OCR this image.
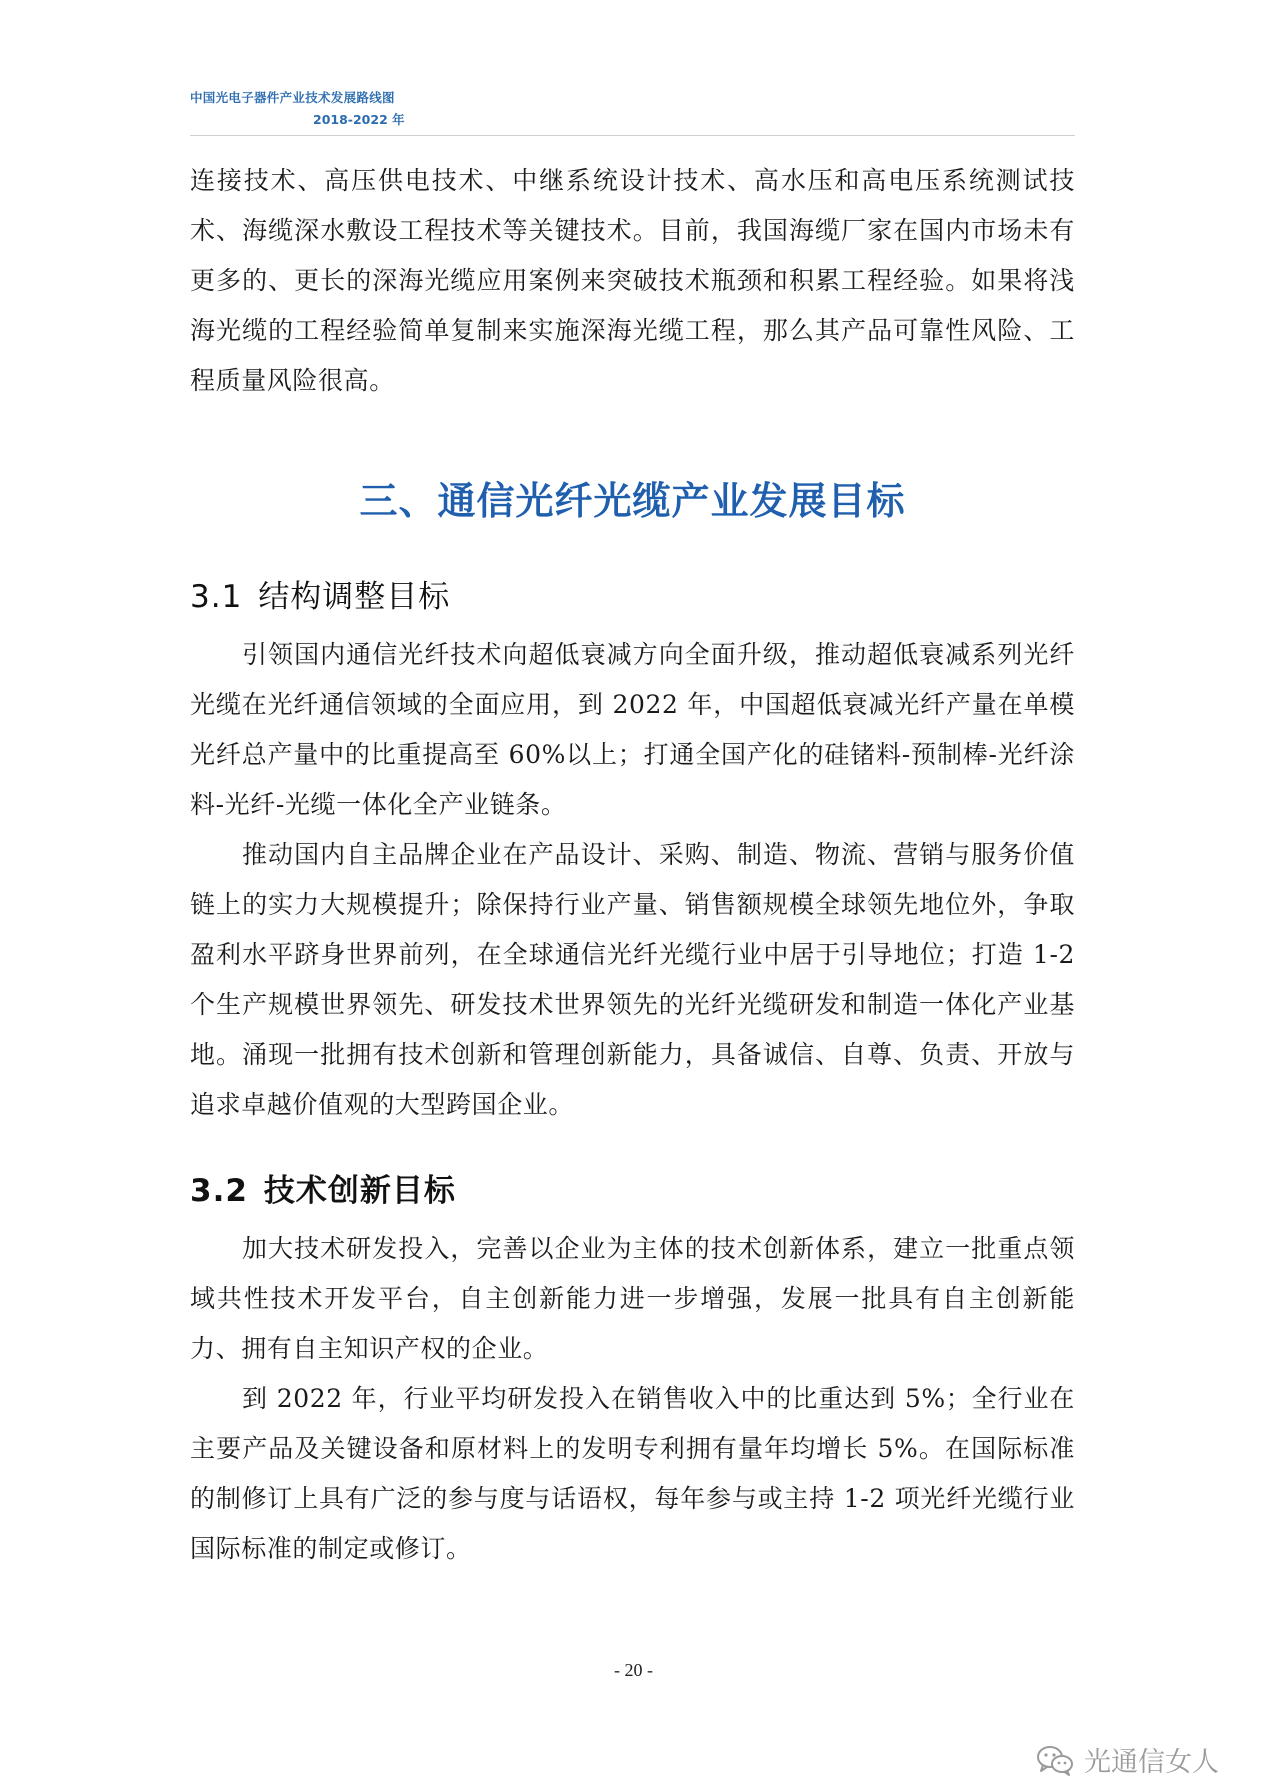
中国光电子器件产业技术发展路线图
2018-2022 年

连接技术、高压供电技术、中继系统设计技术、高水压和高电压系统测试技术、海缆深水敷设工程技术等关键技术。目前，我国海缆厂家在国内市场未有更多的、更长的深海光缆应用案例来突破技术瓶颈和积累工程经验。如果将浅海光缆的工程经验简单复制来实施深海光缆工程，那么其产品可靠性风险、工程质量风险很高。

三、通信光纤光缆产业发展目标
3.1 结构调整目标

引领国内通信光纤技术向超低衰减方向全面升级，推动超低衰减系列光纤光缆在光纤通信领域的全面应用，到 2022 年，中国超低衰减光纤产量在单模光纤总产量中的比重提高至 60%以上；打通全国产化的硅锗料-预制棒-光纤涂料-光纤-光缆一体化全产业链条。

推动国内自主品牌企业在产品设计、采购、制造、物流、营销与服务价值链上的实力大规模提升；除保持行业产量、销售额规模全球领先地位外，争取盈利水平跻身世界前列，在全球通信光纤光缆行业中居于引导地位；打造 1-2 个生产规模世界领先、研发技术世界领先的光纤光缆研发和制造一体化产业基地。涌现一批拥有技术创新和管理创新能力，具备诚信、自尊、负责、开放与追求卓越价值观的大型跨国企业。

3.2 技术创新目标

加大技术研发投入，完善以企业为主体的技术创新体系，建立一批重点领域共性技术开发平台，自主创新能力进一步增强，发展一批具有自主创新能力、拥有自主知识产权的企业。

到 2022 年，行业平均研发投入在销售收入中的比重达到 5%；全行业在主要产品及关键设备和原材料上的发明专利拥有量年均增长 5%。在国际标准的制修订上具有广泛的参与度与话语权，每年参与或主持 1-2 项光纤光缆行业国际标准的制定或修订。

- 20 -
光通信女人
